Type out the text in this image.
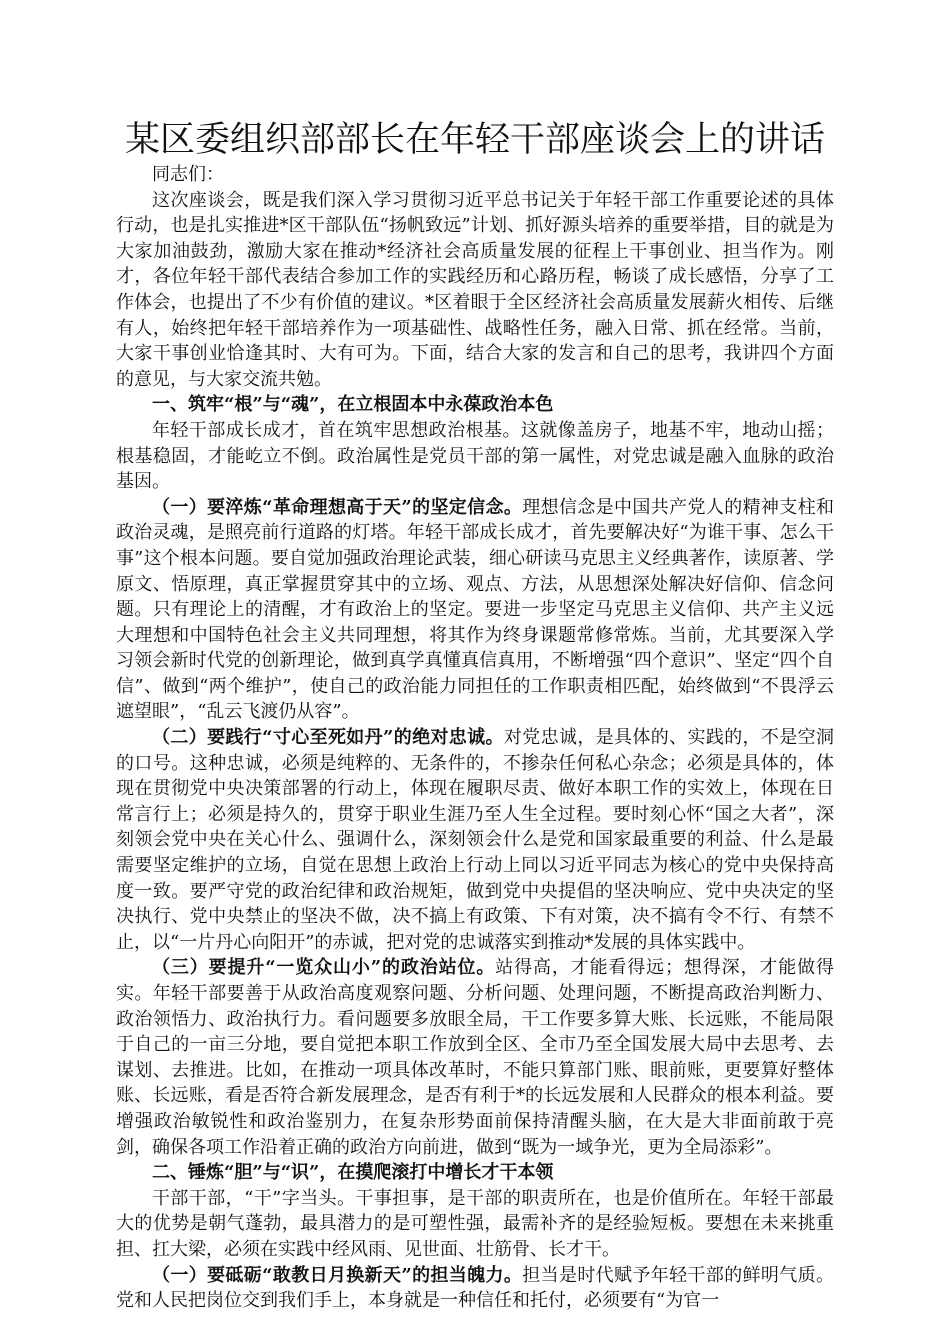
某区委组织部部长在年轻干部座谈会上的讲话

同志们：

这次座谈会，既是我们深入学习贯彻习近平总书记关于年轻干部工作重要论述的具体行动，也是扎实推进*区干部队伍“扬帆致远”计划、抓好源头培养的重要举措，目的就是为大家加油鼓劲，激励大家在推动*经济社会高质量发展的征程上干事创业、担当作为。刚才，各位年轻干部代表结合参加工作的实践经历和心路历程，畅谈了成长感悟，分享了工作体会，也提出了不少有价值的建议。*区着眼于全区经济社会高质量发展薪火相传、后继有人，始终把年轻干部培养作为一项基础性、战略性任务，融入日常、抓在经常。当前，大家干事创业恰逢其时、大有可为。下面，结合大家的发言和自己的思考，我讲四个方面的意见，与大家交流共勉。

一、筑牢“根”与“魂”，在立根固本中永葆政治本色

年轻干部成长成才，首在筑牢思想政治根基。这就像盖房子，地基不牢，地动山摇；根基稳固，才能屹立不倒。政治属性是党员干部的第一属性，对党忠诚是融入血脉的政治基因。

（一）要淬炼“革命理想高于天”的坚定信念。理想信念是中国共产党人的精神支柱和政治灵魂，是照亮前行道路的灯塔。年轻干部成长成才，首先要解决好“为谁干事、怎么干事”这个根本问题。要自觉加强政治理论武装，细心研读马克思主义经典著作，读原著、学原文、悟原理，真正掌握贯穿其中的立场、观点、方法，从思想深处解决好信仰、信念问题。只有理论上的清醒，才有政治上的坚定。要进一步坚定马克思主义信仰、共产主义远大理想和中国特色社会主义共同理想，将其作为终身课题常修常炼。当前，尤其要深入学习领会新时代党的创新理论，做到真学真懂真信真用，不断增强“四个意识”、坚定“四个自信”、做到“两个维护”，使自己的政治能力同担任的工作职责相匹配，始终做到“不畏浮云遮望眼”，“乱云飞渡仍从容”。

（二）要践行“寸心至死如丹”的绝对忠诚。对党忠诚，是具体的、实践的，不是空洞的口号。这种忠诚，必须是纯粹的、无条件的，不掺杂任何私心杂念；必须是具体的，体现在贯彻党中央决策部署的行动上，体现在履职尽责、做好本职工作的实效上，体现在日常言行上；必须是持久的，贯穿于职业生涯乃至人生全过程。要时刻心怀“国之大者”，深刻领会党中央在关心什么、强调什么，深刻领会什么是党和国家最重要的利益、什么是最需要坚定维护的立场，自觉在思想上政治上行动上同以习近平同志为核心的党中央保持高度一致。要严守党的政治纪律和政治规矩，做到党中央提倡的坚决响应、党中央决定的坚决执行、党中央禁止的坚决不做，决不搞上有政策、下有对策，决不搞有令不行、有禁不止，以“一片丹心向阳开”的赤诚，把对党的忠诚落实到推动*发展的具体实践中。

（三）要提升“一览众山小”的政治站位。站得高，才能看得远；想得深，才能做得实。年轻干部要善于从政治高度观察问题、分析问题、处理问题，不断提高政治判断力、政治领悟力、政治执行力。看问题要多放眼全局，干工作要多算大账、长远账，不能局限于自己的一亩三分地，要自觉把本职工作放到全区、全市乃至全国发展大局中去思考、去谋划、去推进。比如，在推动一项具体改革时，不能只算部门账、眼前账，更要算好整体账、长远账，看是否符合新发展理念，是否有利于*的长远发展和人民群众的根本利益。要增强政治敏锐性和政治鉴别力，在复杂形势面前保持清醒头脑，在大是大非面前敢于亮剑，确保各项工作沿着正确的政治方向前进，做到“既为一域争光，更为全局添彩”。

二、锤炼“胆”与“识”，在摸爬滚打中增长才干本领

干部干部，“干”字当头。干事担事，是干部的职责所在，也是价值所在。年轻干部最大的优势是朝气蓬勃，最具潜力的是可塑性强，最需补齐的是经验短板。要想在未来挑重担、扛大梁，必须在实践中经风雨、见世面、壮筋骨、长才干。

（一）要砥砺“敢教日月换新天”的担当魄力。担当是时代赋予年轻干部的鲜明气质。党和人民把岗位交到我们手上，本身就是一种信任和托付，必须要有“为官一
